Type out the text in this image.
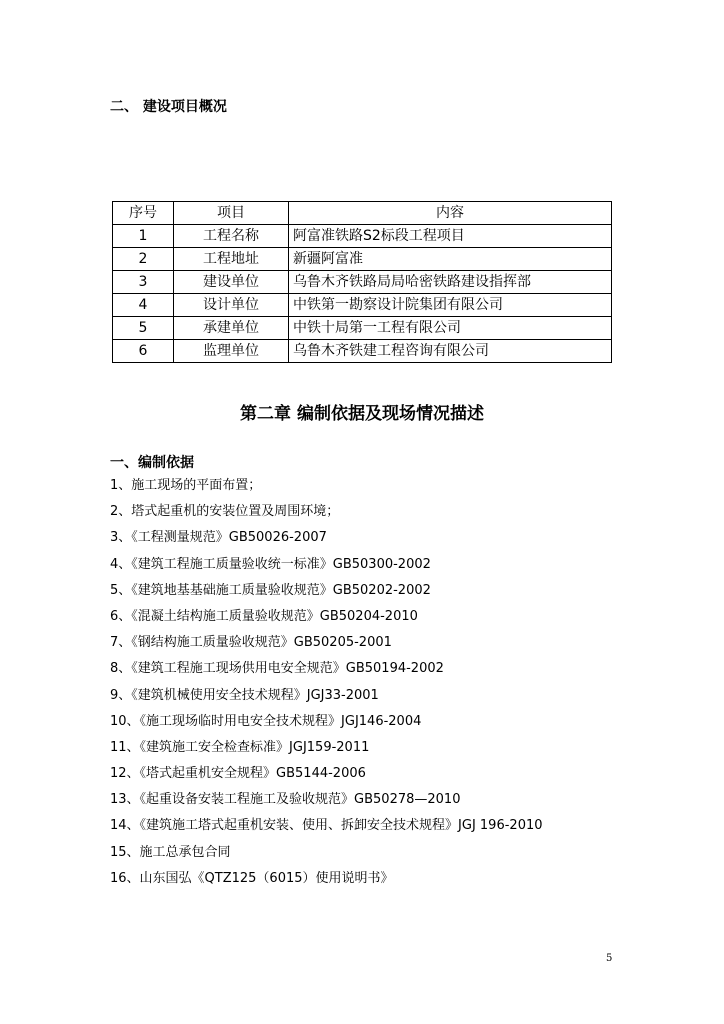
二、 建设项目概况
序号	项目	内容
1	工程名称	阿富准铁路S2标段工程项目
2	工程地址	新疆阿富准
3	建设单位	乌鲁木齐铁路局局哈密铁路建设指挥部
4	设计单位	中铁第一勘察设计院集团有限公司
5	承建单位	中铁十局第一工程有限公司
6	监理单位	乌鲁木齐铁建工程咨询有限公司
第二章 编制依据及现场情况描述
一、编制依据
1、施工现场的平面布置；
2、塔式起重机的安装位置及周围环境；
3、《工程测量规范》GB50026-2007
4、《建筑工程施工质量验收统一标准》GB50300-2002
5、《建筑地基基础施工质量验收规范》GB50202-2002
6、《混凝土结构施工质量验收规范》GB50204-2010
7、《钢结构施工质量验收规范》GB50205-2001
8、《建筑工程施工现场供用电安全规范》GB50194-2002
9、《建筑机械使用安全技术规程》JGJ33-2001
10、《施工现场临时用电安全技术规程》JGJ146-2004
11、《建筑施工安全检查标准》JGJ159-2011
12、《塔式起重机安全规程》GB5144-2006
13、《起重设备安装工程施工及验收规范》GB50278—2010
14、《建筑施工塔式起重机安装、使用、拆卸安全技术规程》JGJ 196-2010
15、施工总承包合同
16、山东国弘《QTZ125（6015）使用说明书》
5
